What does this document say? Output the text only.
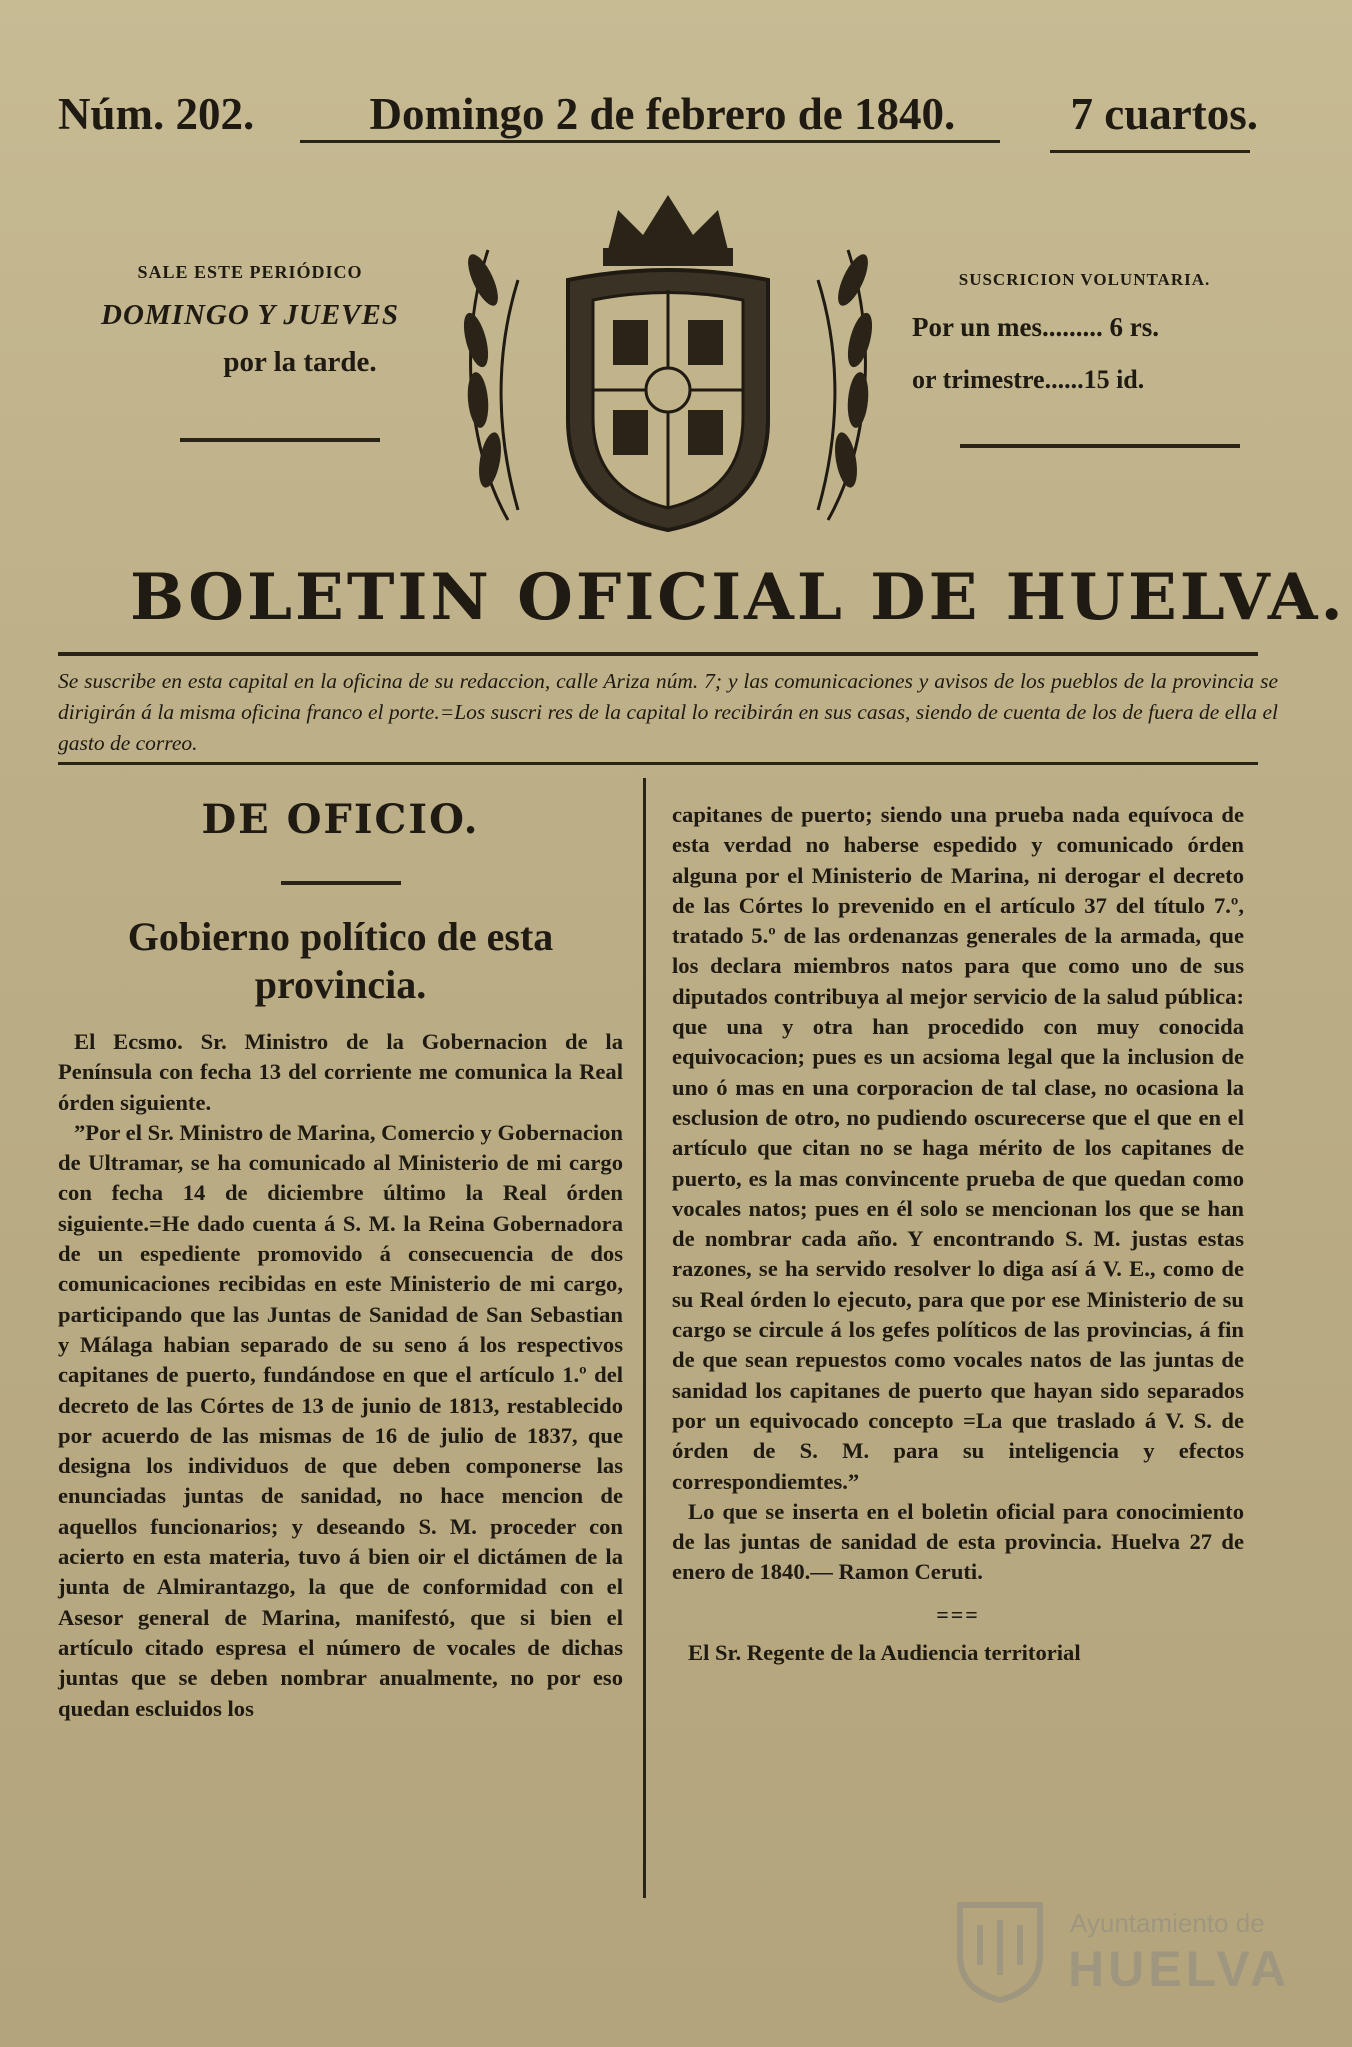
Núm. 202.	Domingo 2 de febrero de 1840.	7 cuartos.
SALE ESTE PERIÓDICO
DOMINGO Y JUEVES
por la tarde.
SUSCRICION VOLUNTARIA.
Por un mes......... 6 rs.
or trimestre......15 id.
BOLETIN OFICIAL DE HUELVA.
Se suscribe en esta capital en la oficina de su redaccion, calle Ariza núm. 7; y las comunicaciones y avisos de los pueblos de la provincia se dirigirán á la misma oficina franco el porte.=Los suscri res de la capital lo recibirán en sus casas, siendo de cuenta de los de fuera de ella el gasto de correo.
DE OFICIO.
Gobierno político de esta provincia.

El Ecsmo. Sr. Ministro de la Gobernacion de la Península con fecha 13 del corriente me comunica la Real órden siguiente.

”Por el Sr. Ministro de Marina, Comercio y Gobernacion de Ultramar, se ha comunicado al Ministerio de mi cargo con fecha 14 de diciembre último la Real órden siguiente.=He dado cuenta á S. M. la Reina Gobernadora de un espediente promovido á consecuencia de dos comunicaciones recibidas en este Ministerio de mi cargo, participando que las Juntas de Sanidad de San Sebastian y Málaga habian separado de su seno á los respectivos capitanes de puerto, fundándose en que el artículo 1.º del decreto de las Córtes de 13 de junio de 1813, restablecido por acuerdo de las mismas de 16 de julio de 1837, que designa los individuos de que deben componerse las enunciadas juntas de sanidad, no hace mencion de aquellos funcionarios; y deseando S. M. proceder con acierto en esta materia, tuvo á bien oir el dictámen de la junta de Almirantazgo, la que de conformidad con el Asesor general de Marina, manifestó, que si bien el artículo citado espresa el número de vocales de dichas juntas que se deben nombrar anualmente, no por eso quedan escluidos los

capitanes de puerto; siendo una prueba nada equívoca de esta verdad no haberse espedido y comunicado órden alguna por el Ministerio de Marina, ni derogar el decreto de las Córtes lo prevenido en el artículo 37 del título 7.º, tratado 5.º de las ordenanzas generales de la armada, que los declara miembros natos para que como uno de sus diputados contribuya al mejor servicio de la salud pública: que una y otra han procedido con muy conocida equivocacion; pues es un acsioma legal que la inclusion de uno ó mas en una corporacion de tal clase, no ocasiona la esclusion de otro, no pudiendo oscurecerse que el que en el artículo que citan no se haga mérito de los capitanes de puerto, es la mas convincente prueba de que quedan como vocales natos; pues en él solo se mencionan los que se han de nombrar cada año. Y encontrando S. M. justas estas razones, se ha servido resolver lo diga así á V. E., como de su Real órden lo ejecuto, para que por ese Ministerio de su cargo se circule á los gefes políticos de las provincias, á fin de que sean repuestos como vocales natos de las juntas de sanidad los capitanes de puerto que hayan sido separados por un equivocado concepto =La que traslado á V. S. de órden de S. M. para su inteligencia y efectos correspondiemtes.”

Lo que se inserta en el boletin oficial para conocimiento de las juntas de sanidad de esta provincia. Huelva 27 de enero de 1840.— Ramon Ceruti.

===

El Sr. Regente de la Audiencia territorial

Ayuntamiento de
HUELVA
